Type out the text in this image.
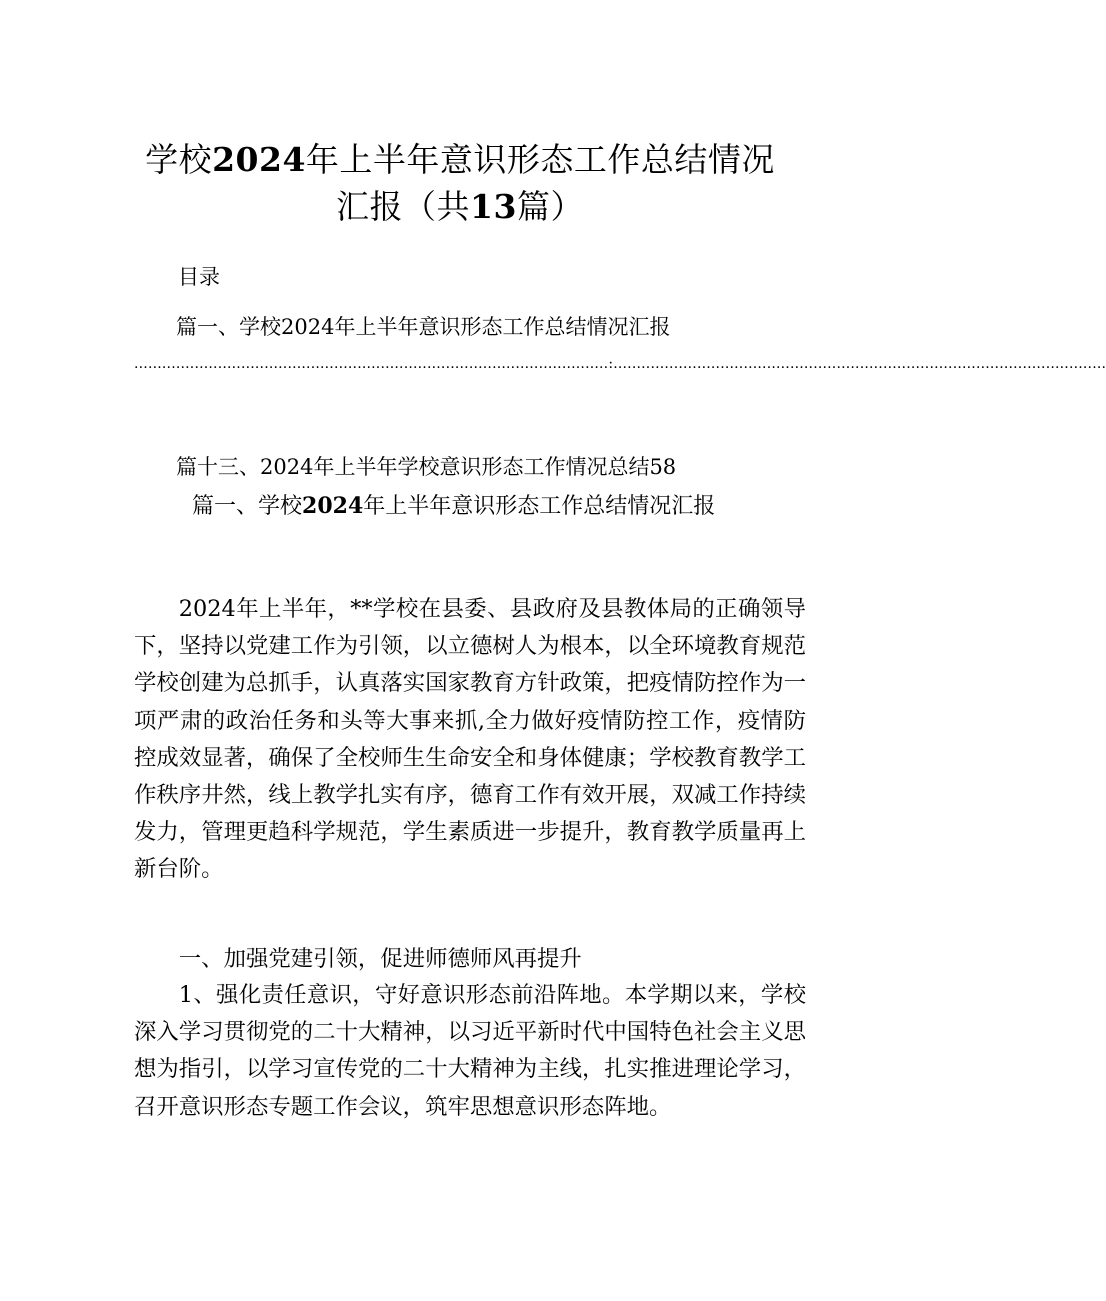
学校2024年上半年意识形态工作总结情况
汇报（共13篇）
目录
篇一、学校2024年上半年意识形态工作总结情况汇报
......................................................................................................:..........................................................................................................
篇十三、2024年上半年学校意识形态工作情况总结58
篇一、学校2024年上半年意识形态工作总结情况汇报

2024年上半年，**学校在县委、县政府及县教体局的正确领导下，坚持以党建工作为引领，以立德树人为根本，以全环境教育规范学校创建为总抓手，认真落实国家教育方针政策，把疫情防控作为一项严肃的政治任务和头等大事来抓,全力做好疫情防控工作，疫情防控成效显著，确保了全校师生生命安全和身体健康；学校教育教学工作秩序井然，线上教学扎实有序，德育工作有效开展，双减工作持续发力，管理更趋科学规范，学生素质进一步提升，教育教学质量再上新台阶。

一、加强党建引领，促进师德师风再提升

1、强化责任意识，守好意识形态前沿阵地。本学期以来，学校深入学习贯彻党的二十大精神，以习近平新时代中国特色社会主义思想为指引，以学习宣传党的二十大精神为主线，扎实推进理论学习，召开意识形态专题工作会议，筑牢思想意识形态阵地。
